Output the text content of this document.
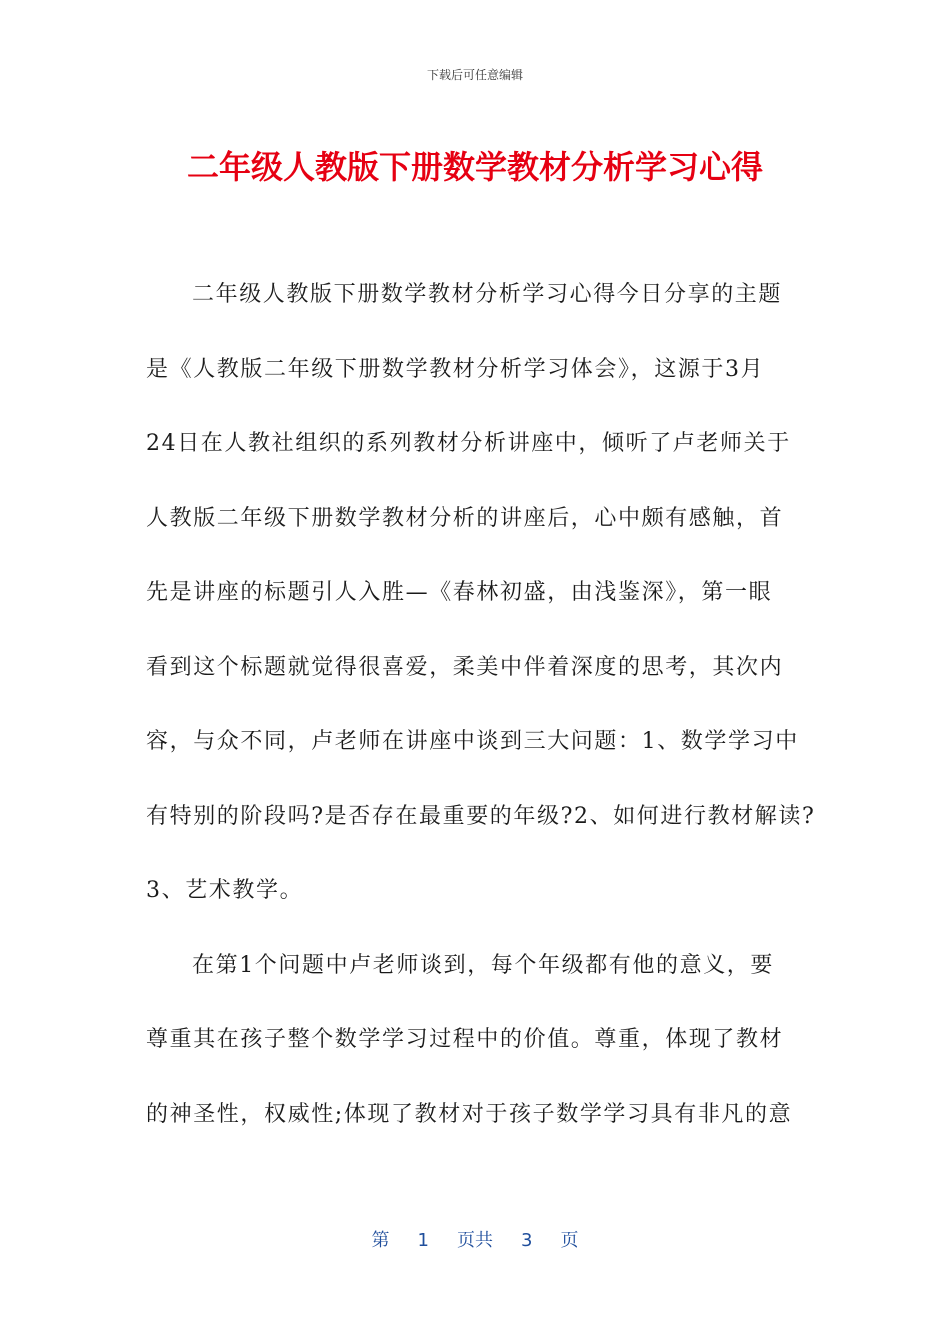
下载后可任意编辑
二年级人教版下册数学教材分析学习心得
二年级人教版下册数学教材分析学习心得今日分享的主题
是《人教版二年级下册数学教材分析学习体会》，这源于3月
24日在人教社组织的系列教材分析讲座中，倾听了卢老师关于
人教版二年级下册数学教材分析的讲座后，心中颇有感触，首
先是讲座的标题引人入胜—《春林初盛，由浅鉴深》，第一眼
看到这个标题就觉得很喜爱，柔美中伴着深度的思考，其次内
容，与众不同，卢老师在讲座中谈到三大问题：1、数学学习中
有特别的阶段吗?是否存在最重要的年级?2、如何进行教材解读?
3、艺术教学。
在第1个问题中卢老师谈到，每个年级都有他的意义，要
尊重其在孩子整个数学学习过程中的价值。尊重，体现了教材
的神圣性，权威性;体现了教材对于孩子数学学习具有非凡的意
第 1 页共 3 页
